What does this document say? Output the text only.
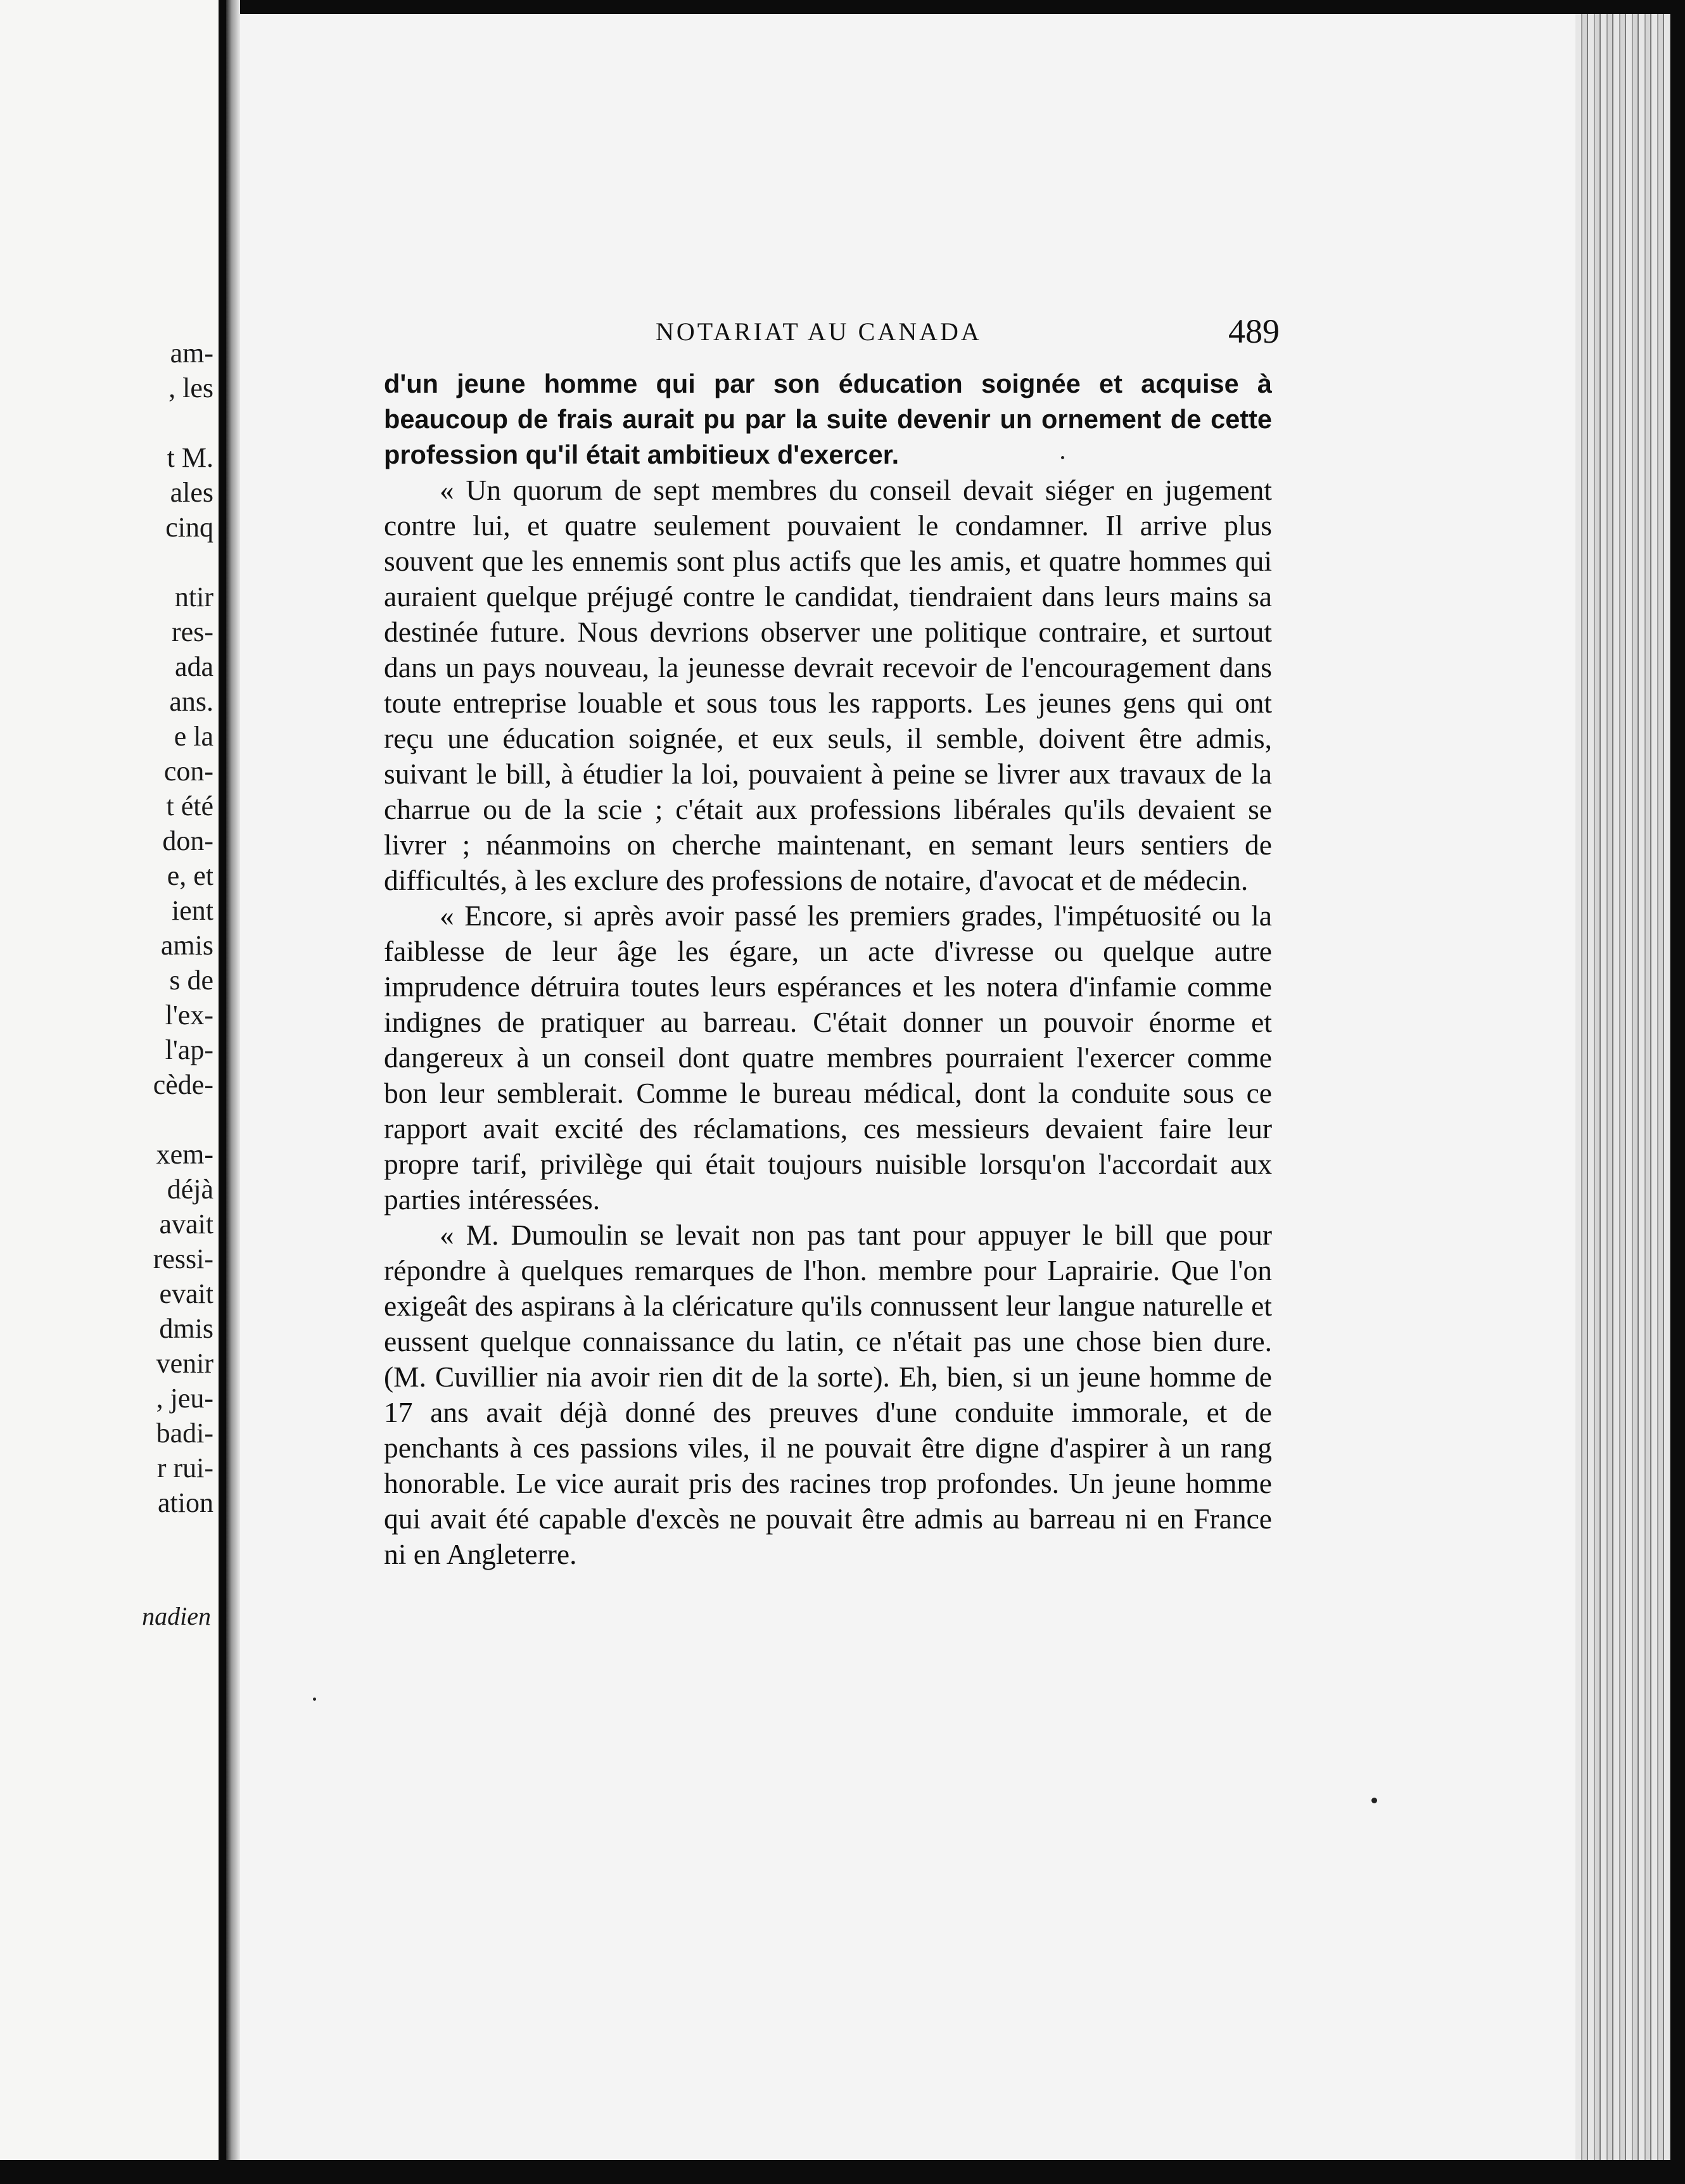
am-
, les

t M.
ales
cinq

ntir
res-
ada
ans.
e la
con-
t été
don-
e, et
ient
amis
s de
l'ex-
l'ap-
cède-

xem-
déjà
avait
ressi-
evait
dmis
venir
, jeu-
badi-
r rui-
ation
nadien
NOTARIAT AU CANADA	489

d'un jeune homme qui par son éducation soignée et acquise à beaucoup de frais aurait pu par la suite devenir un ornement de cette profession qu'il était ambitieux d'exercer.

« Un quorum de sept membres du conseil devait siéger en jugement contre lui, et quatre seulement pouvaient le condamner. Il arrive plus souvent que les ennemis sont plus actifs que les amis, et quatre hommes qui auraient quelque préjugé contre le candidat, tiendraient dans leurs mains sa destinée future. Nous devrions observer une politique contraire, et surtout dans un pays nouveau, la jeunesse devrait recevoir de l'encouragement dans toute entreprise louable et sous tous les rapports. Les jeunes gens qui ont reçu une éducation soignée, et eux seuls, il semble, doivent être admis, suivant le bill, à étudier la loi, pouvaient à peine se livrer aux travaux de la charrue ou de la scie ; c'était aux professions libérales qu'ils devaient se livrer ; néanmoins on cherche maintenant, en semant leurs sentiers de difficultés, à les exclure des professions de notaire, d'avocat et de médecin.

« Encore, si après avoir passé les premiers grades, l'impétuosité ou la faiblesse de leur âge les égare, un acte d'ivresse ou quelque autre imprudence détruira toutes leurs espérances et les notera d'infamie comme indignes de pratiquer au barreau. C'était donner un pouvoir énorme et dangereux à un conseil dont quatre membres pourraient l'exercer comme bon leur semblerait. Comme le bureau médical, dont la conduite sous ce rapport avait excité des réclamations, ces messieurs devaient faire leur propre tarif, privilège qui était toujours nuisible lorsqu'on l'accordait aux parties intéressées.

« M. Dumoulin se levait non pas tant pour appuyer le bill que pour répondre à quelques remarques de l'hon. membre pour Laprairie. Que l'on exigeât des aspirans à la cléricature qu'ils connussent leur langue naturelle et eussent quelque connaissance du latin, ce n'était pas une chose bien dure. (M. Cuvillier nia avoir rien dit de la sorte). Eh, bien, si un jeune homme de 17 ans avait déjà donné des preuves d'une conduite immorale, et de penchants à ces passions viles, il ne pouvait être digne d'aspirer à un rang honorable. Le vice aurait pris des racines trop profondes. Un jeune homme qui avait été capable d'excès ne pouvait être admis au barreau ni en France ni en Angleterre.
